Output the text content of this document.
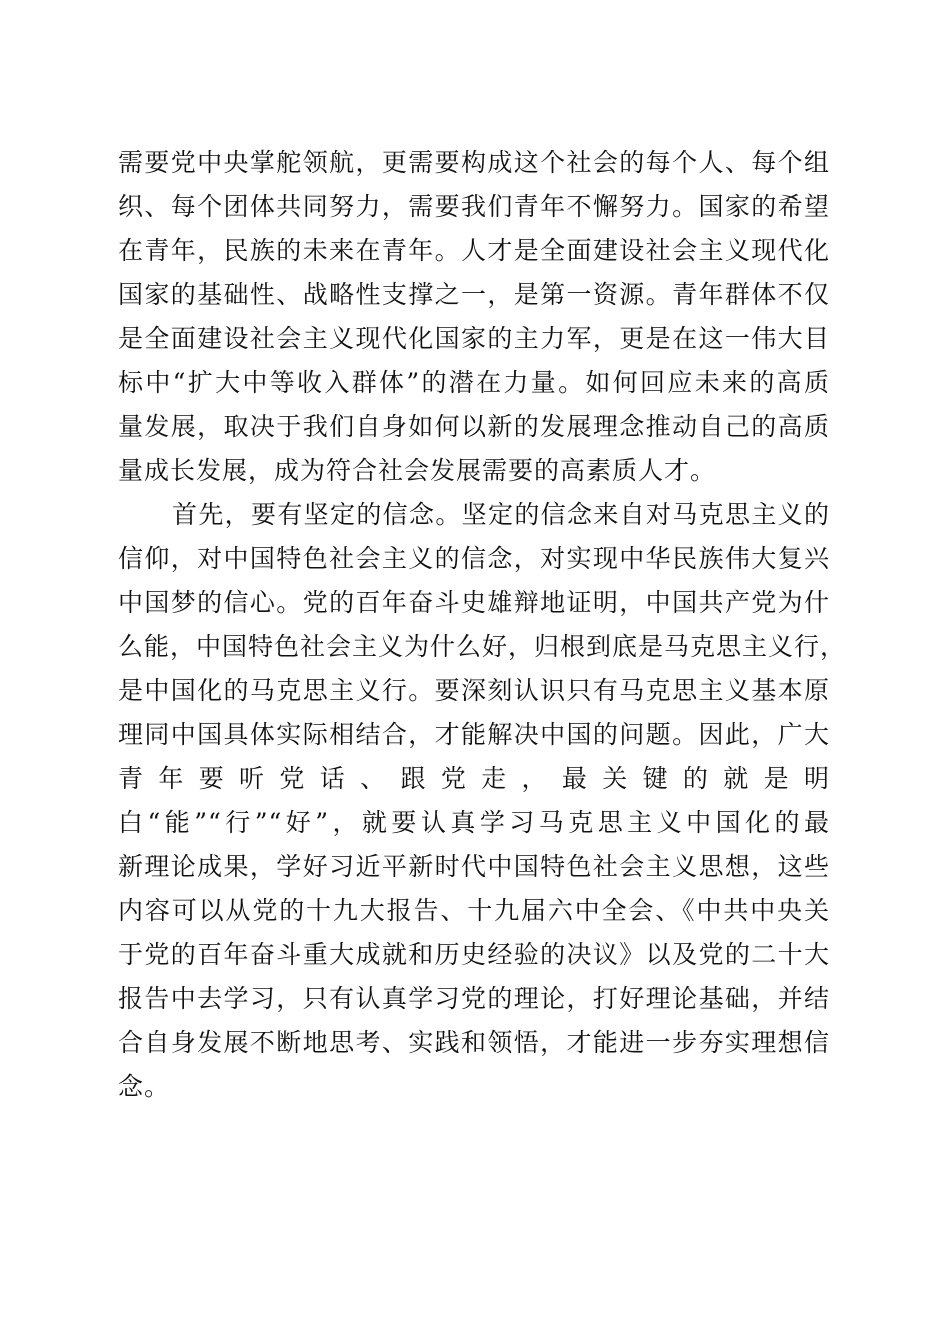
需要党中央掌舵领航，更需要构成这个社会的每个人、每个组
织、每个团体共同努力，需要我们青年不懈努力。国家的希望
在青年，民族的未来在青年。人才是全面建设社会主义现代化
国家的基础性、战略性支撑之一，是第一资源。青年群体不仅
是全面建设社会主义现代化国家的主力军，更是在这一伟大目
标中“扩大中等收入群体”的潜在力量。如何回应未来的高质
量发展，取决于我们自身如何以新的发展理念推动自己的高质
量成长发展，成为符合社会发展需要的高素质人才。
首先，要有坚定的信念。坚定的信念来自对马克思主义的
信仰，对中国特色社会主义的信念，对实现中华民族伟大复兴
中国梦的信心。党的百年奋斗史雄辩地证明，中国共产党为什
么能，中国特色社会主义为什么好，归根到底是马克思主义行，
是中国化的马克思主义行。要深刻认识只有马克思主义基本原
理同中国具体实际相结合，才能解决中国的问题。因此，广大
青年要听党话、跟党走，最关键的就是明
白“能”“行”“好”，就要认真学习马克思主义中国化的最
新理论成果，学好习近平新时代中国特色社会主义思想，这些
内容可以从党的十九大报告、十九届六中全会、《中共中央关
于党的百年奋斗重大成就和历史经验的决议》以及党的二十大
报告中去学习，只有认真学习党的理论，打好理论基础，并结
合自身发展不断地思考、实践和领悟，才能进一步夯实理想信
念。
